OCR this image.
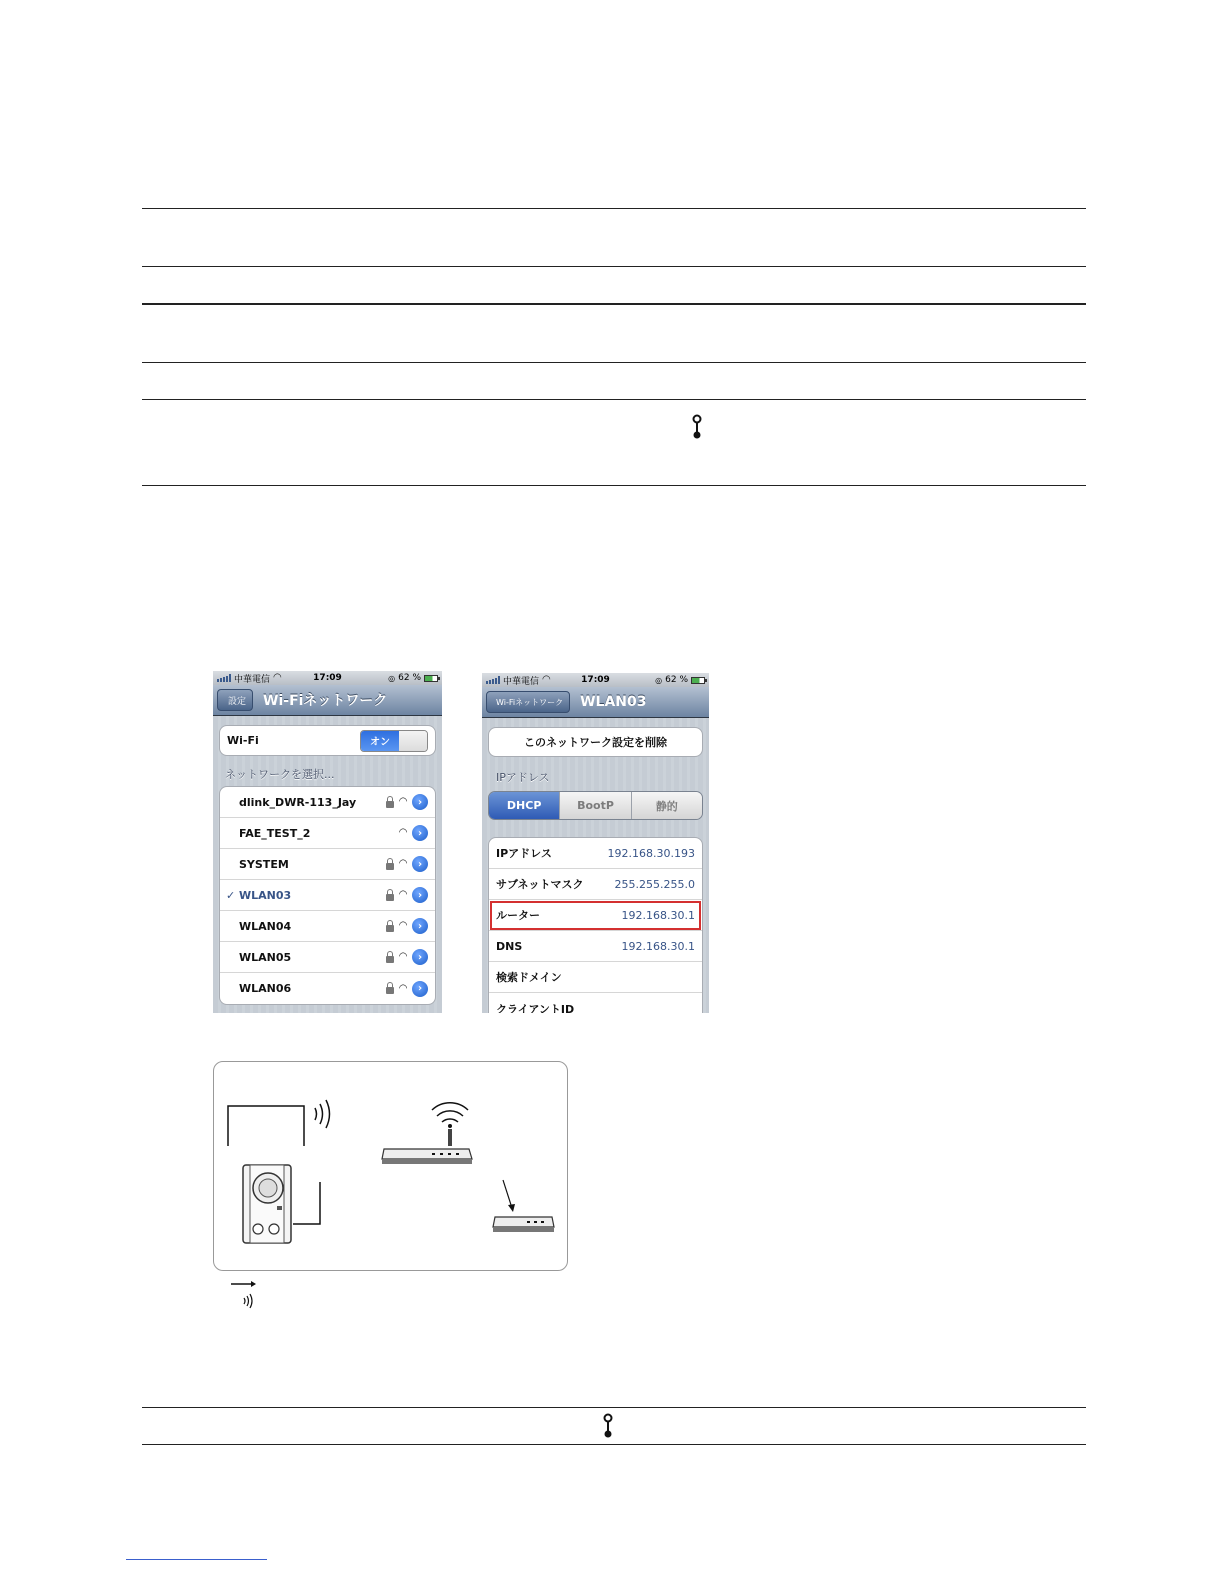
中華電信 ◠	17:09	◎ 62 %
設定 Wi-Fiネットワーク
Wi-Fi	オン
ネットワークを選択...
dlink_DWR-113_Jay	◠	›
FAE_TEST_2	◠	›
SYSTEM	◠	›
✓ WLAN03	◠	›
WLAN04	◠	›
WLAN05	◠	›
WLAN06	◠	›
中華電信 ◠	17:09	◎ 62 %
Wi-Fiネットワーク WLAN03
このネットワーク設定を削除
IPアドレス
DHCP	BootP	静的
IPアドレス	192.168.30.193
サブネットマスク	255.255.255.0
ルーター	192.168.30.1
DNS	192.168.30.1
検索ドメイン
クライアントID
